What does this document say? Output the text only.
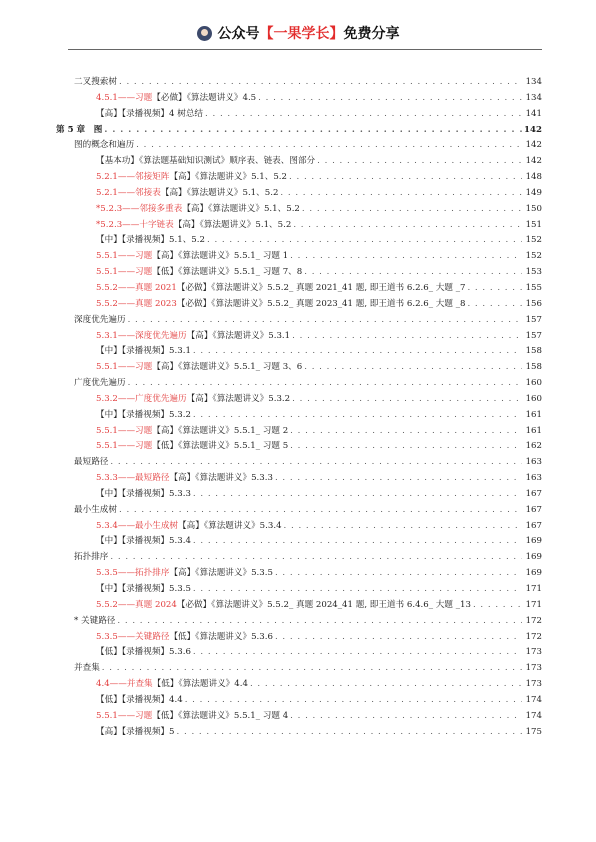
公众号 【一果学长】 免费分享
二叉搜索树 . . .	134
4.5.1——习题 【必做】《算法题讲义》4.5 . . .	134
【高】【录播视频】4 树总结 . . .	141
第 5 章　图 . . .	142
图的概念和遍历 . . .	142
【基本功】《算法题基础知识测试》顺序表、链表、图部分 . . .	142
5.2.1——邻接矩阵 【高】《算法题讲义》5.1、5.2 . . .	148
5.2.1——邻接表 【高】《算法题讲义》5.1、5.2 . . .	149
*5.2.3——邻接多重表 【高】《算法题讲义》5.1、5.2 . . .	150
*5.2.3——十字链表 【高】《算法题讲义》5.1、5.2 . . .	151
【中】【录播视频】5.1、5.2 . . .	152
5.5.1——习题 【高】《算法题讲义》5.5.1_ 习题 1 . . .	152
5.5.1——习题 【低】《算法题讲义》5.5.1_ 习题 7、8 . . .	153
5.5.2——真题 2021 【必做】《算法题讲义》5.5.2_ 真题 2021_41 题, 即王道书 6.2.6_ 大题 _7 . . .	155
5.5.2——真题 2023 【必做】《算法题讲义》5.5.2_ 真题 2023_41 题, 即王道书 6.2.6_ 大题 _8 . . .	156
深度优先遍历 . . .	157
5.3.1——深度优先遍历 【高】《算法题讲义》5.3.1 . . .	157
【中】【录播视频】5.3.1 . . .	158
5.5.1——习题 【高】《算法题讲义》5.5.1_ 习题 3、6 . . .	158
广度优先遍历 . . .	160
5.3.2——广度优先遍历 【高】《算法题讲义》5.3.2 . . .	160
【中】【录播视频】5.3.2 . . .	161
5.5.1——习题 【高】《算法题讲义》5.5.1_ 习题 2 . . .	161
5.5.1——习题 【低】《算法题讲义》5.5.1_ 习题 5 . . .	162
最短路径 . . .	163
5.3.3——最短路径 【高】《算法题讲义》5.3.3 . . .	163
【中】【录播视频】5.3.3 . . .	167
最小生成树 . . .	167
5.3.4——最小生成树 【高】《算法题讲义》5.3.4 . . .	167
【中】【录播视频】5.3.4 . . .	169
拓扑排序 . . .	169
5.3.5——拓扑排序 【高】《算法题讲义》5.3.5 . . .	169
【中】【录播视频】5.3.5 . . .	171
5.5.2——真题 2024 【必做】《算法题讲义》5.5.2_ 真题 2024_41 题, 即王道书 6.4.6_ 大题 _13 . . .	171
* 关键路径 . . .	172
5.3.5——关键路径 【低】《算法题讲义》5.3.6 . . .	172
【低】【录播视频】5.3.6 . . .	173
并查集 . . .	173
4.4——并查集 【低】《算法题讲义》4.4 . . .	173
【低】【录播视频】4.4 . . .	174
5.5.1——习题 【低】《算法题讲义》5.5.1_ 习题 4 . . .	174
【高】【录播视频】5 . . .	175
